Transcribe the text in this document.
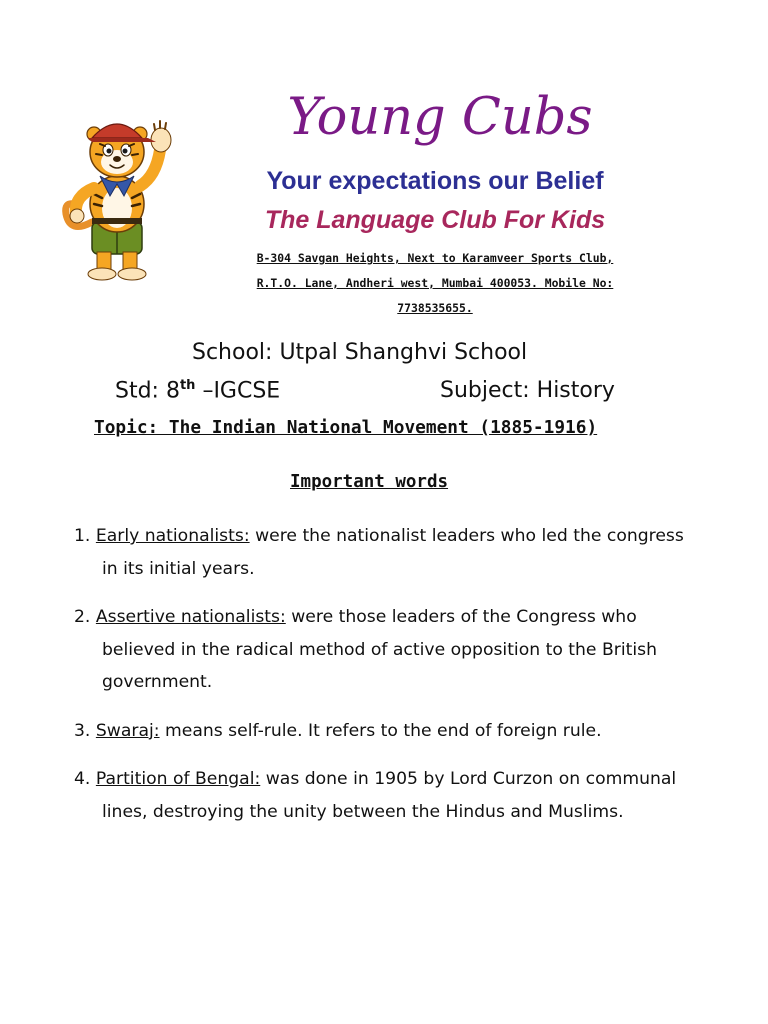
Young Cubs
Your expectations our Belief
The Language Club For Kids
B-304 Savgan Heights, Next to Karamveer Sports Club,
R.T.O. Lane, Andheri west, Mumbai 400053. Mobile No:
7738535655.
School: Utpal Shanghvi School
Std: 8th –IGCSE	Subject: History
Topic: The Indian National Movement (1885-1916)
Important words
1. Early nationalists: were the nationalist leaders who led the congress in its initial years.
2. Assertive nationalists: were those leaders of the Congress who believed in the radical method of active opposition to the British government.
3. Swaraj: means self-rule. It refers to the end of foreign rule.
4. Partition of Bengal: was done in 1905 by Lord Curzon on communal lines, destroying the unity between the Hindus and Muslims.
